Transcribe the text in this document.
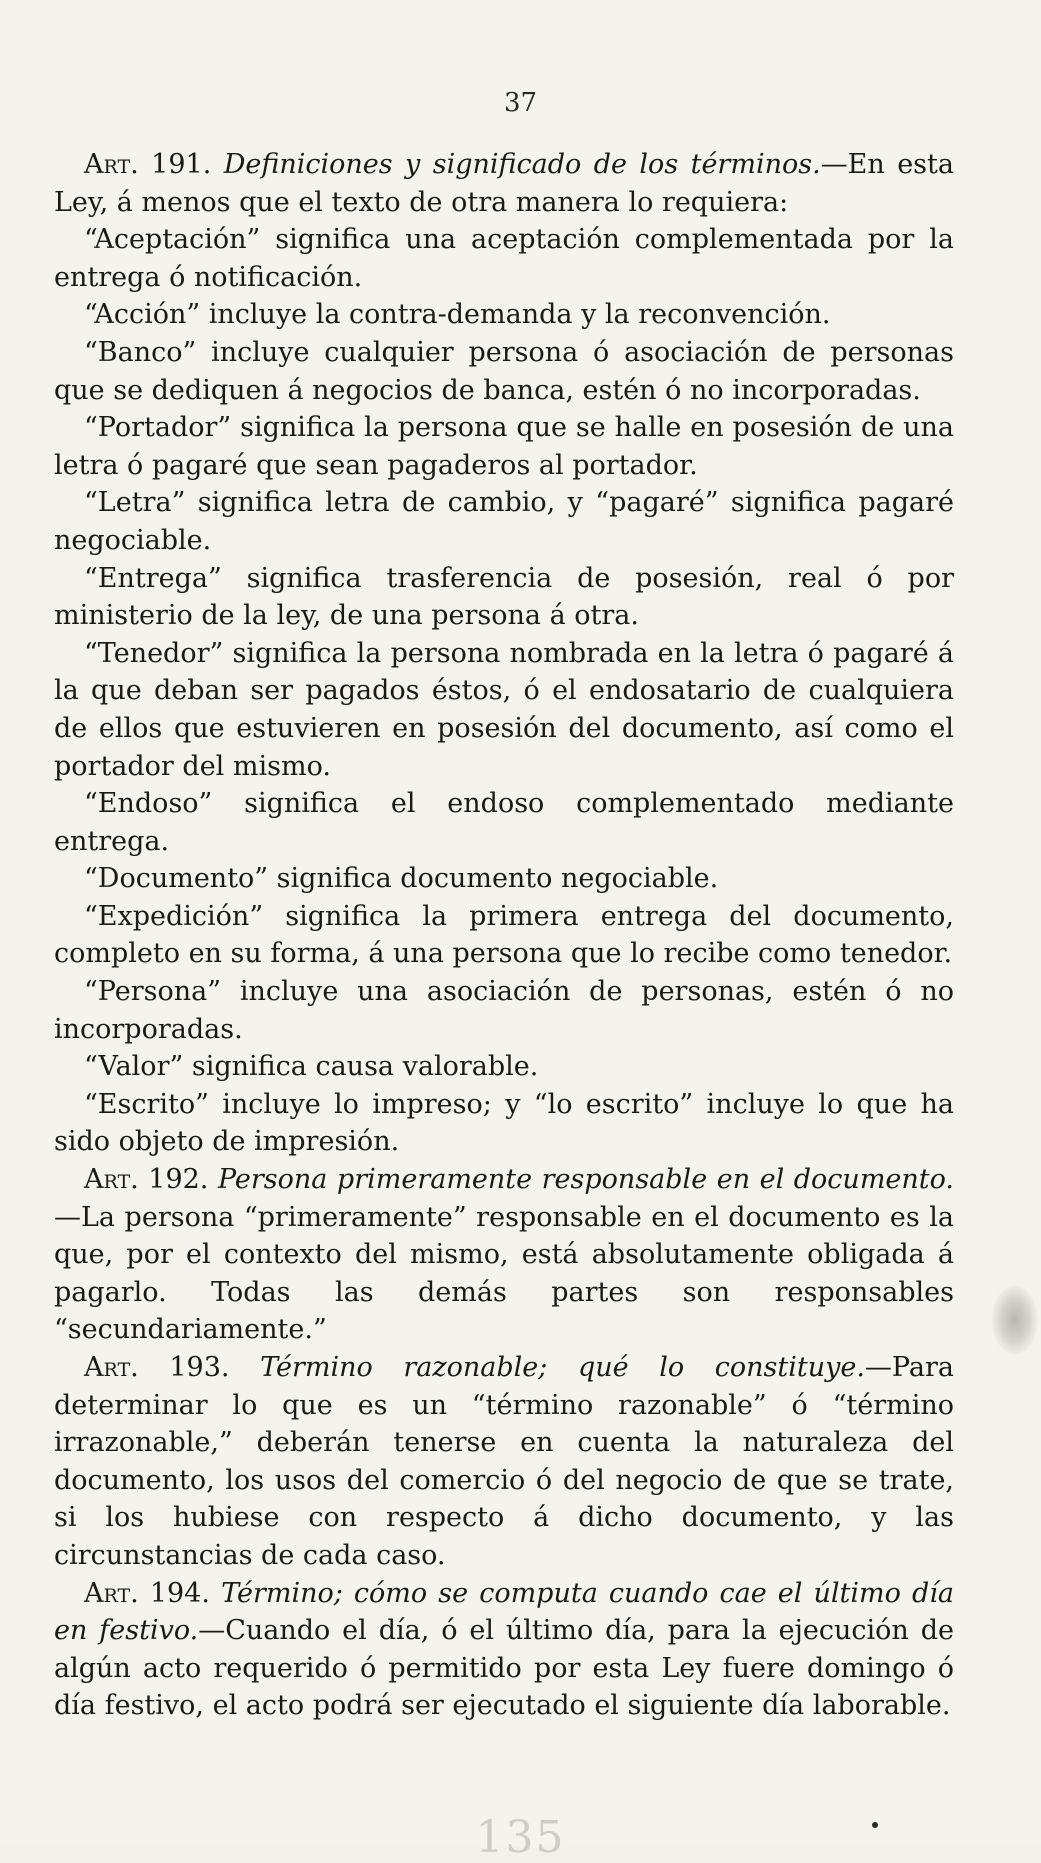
37

Art. 191. Definiciones y significado de los términos.—En esta Ley, á menos que el texto de otra manera lo requiera:

“Aceptación” significa una aceptación complementada por la entrega ó notificación.

“Acción” incluye la contra-demanda y la reconvención.

“Banco” incluye cualquier persona ó asociación de personas que se dediquen á negocios de banca, estén ó no incorporadas.

“Portador” significa la persona que se halle en posesión de una letra ó pagaré que sean pagaderos al portador.

“Letra” significa letra de cambio, y “pagaré” significa pagaré negociable.

“Entrega” significa trasferencia de posesión, real ó por ministerio de la ley, de una persona á otra.

“Tenedor” significa la persona nombrada en la letra ó pagaré á la que deban ser pagados éstos, ó el endosatario de cualquiera de ellos que estuvieren en posesión del documento, así como el portador del mismo.

“Endoso” significa el endoso complementado mediante entrega.

“Documento” significa documento negociable.

“Expedición” significa la primera entrega del documento, completo en su forma, á una persona que lo recibe como tenedor.

“Persona” incluye una asociación de personas, estén ó no incorporadas.

“Valor” significa causa valorable.

“Escrito” incluye lo impreso; y “lo escrito” incluye lo que ha sido objeto de impresión.

Art. 192. Persona primeramente responsable en el documento.—La persona “primeramente” responsable en el documento es la que, por el contexto del mismo, está absolutamente obligada á pagarlo. Todas las demás partes son responsables “secundariamente.”

Art. 193. Término razonable; qué lo constituye.—Para determinar lo que es un “término razonable” ó “término irrazonable,” deberán tenerse en cuenta la naturaleza del documento, los usos del comercio ó del negocio de que se trate, si los hubiese con respecto á dicho documento, y las circunstancias de cada caso.

Art. 194. Término; cómo se computa cuando cae el último día en festivo.—Cuando el día, ó el último día, para la ejecución de algún acto requerido ó permitido por esta Ley fuere domingo ó día festivo, el acto podrá ser ejecutado el siguiente día laborable.

135
